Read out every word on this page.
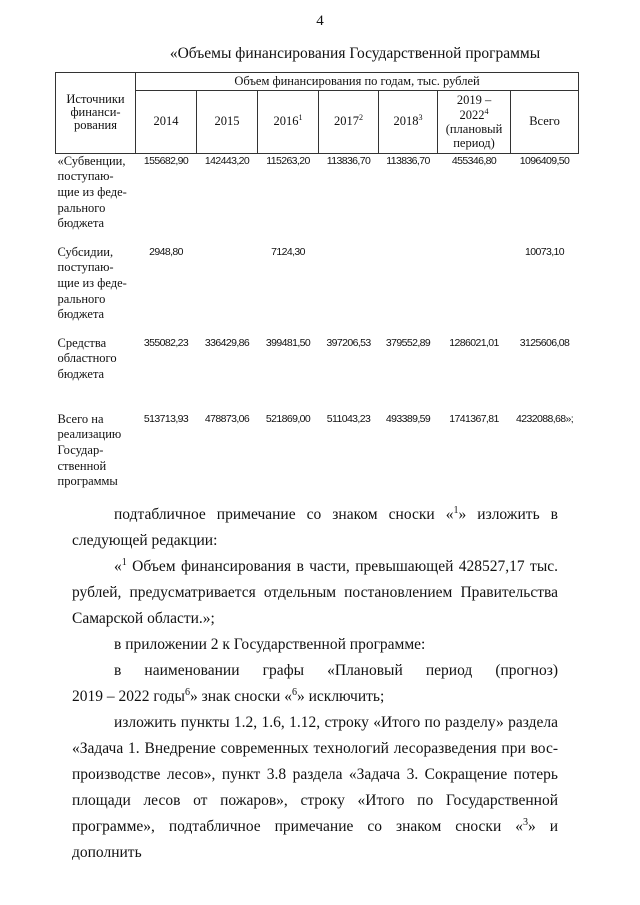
4
«Объемы финансирования Государственной программы
Источники финанси-рования	Объем финансирования по годам, тыс. рублей						
	2014	2015	2016$^1$	2017$^2$	2018$^3$	2019 –
2022$^4$
(плановый период)	Всего
«Субвенции, поступаю-щие из феде-рального бюджета	155682,90	142443,20	115263,20	113836,70	113836,70	455346,80	1096409,50
Субсидии, поступаю-щие из феде-рального бюджета	2948,80		7124,30				10073,10
Средства областного бюджета	355082,23	336429,86	399481,50	397206,53	379552,89	1286021,01	3125606,08
Всего на реализацию Государ-ственной программы	513713,93	478873,06	521869,00	511043,23	493389,59	1741367,81	4232088,68»;

подтабличное примечание со знаком сноски «$^1$» изложить в следующей редакции:

«$^1$ Объем финансирования в части, превышающей 428527,17 тыс. рублей, предусматривается отдельным постановлением Правительства Самарской области.»;

в приложении 2 к Государственной программе:

в наименовании графы «Плановый период (прогноз)

2019 – 2022 годы$^6$» знак сноски «$^6$» исключить;

изложить пункты 1.2, 1.6, 1.12, строку «Итого по разделу» раздела «Задача 1. Внедрение современных технологий лесоразведения при вос-производстве лесов», пункт 3.8 раздела «Задача 3. Сокращение потерь площади лесов от пожаров», строку «Итого по Государственной программе», подтабличное примечание со знаком сноски «$^3$» и дополнить
